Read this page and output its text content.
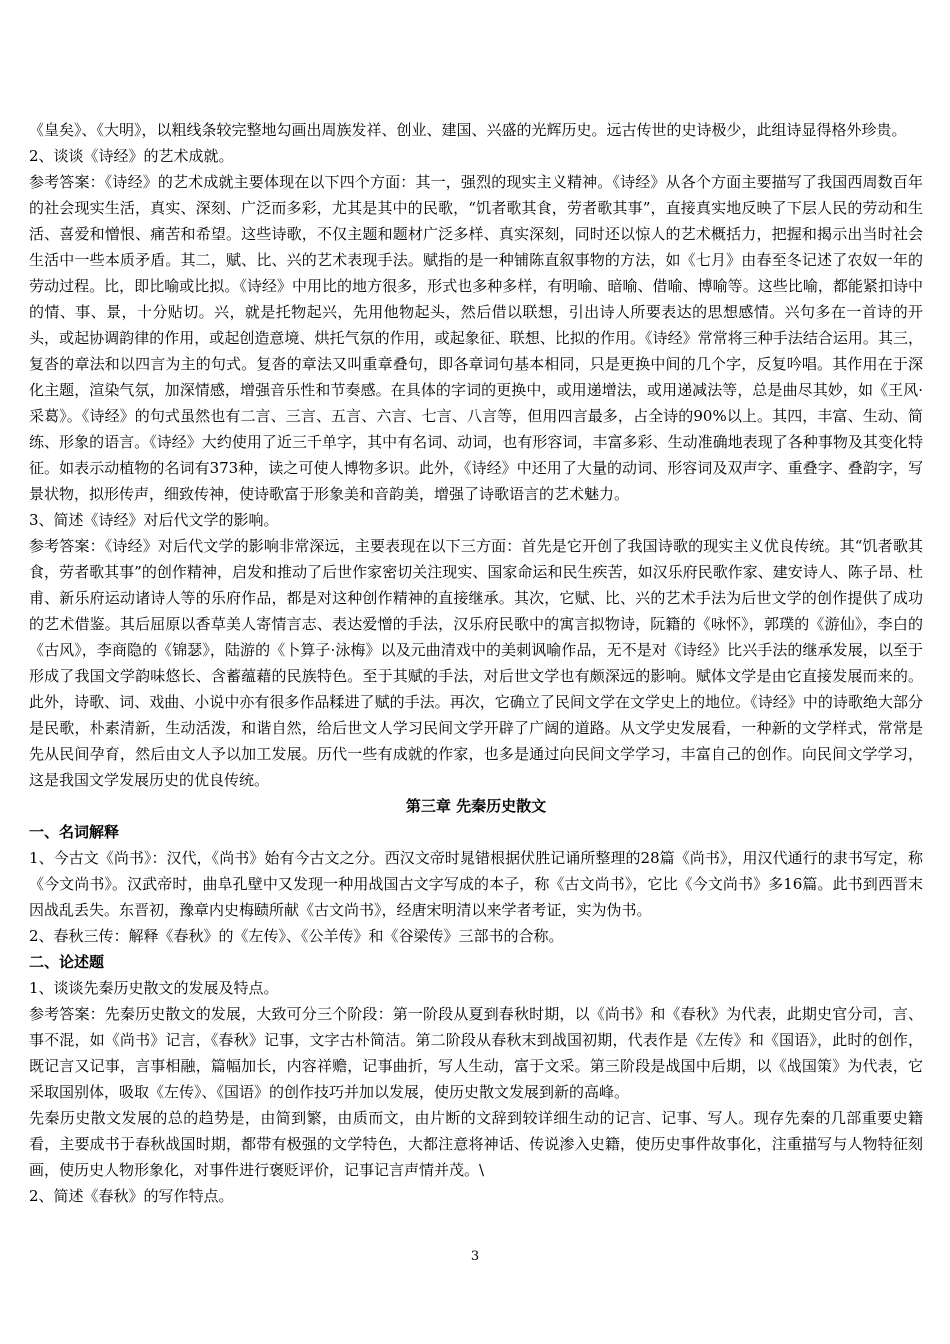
《皇矣》、《大明》，以粗线条较完整地勾画出周族发祥、创业、建国、兴盛的光辉历史。远古传世的史诗极少，此组诗显得格外珍贵。

2、谈谈《诗经》的艺术成就。

参考答案：《诗经》的艺术成就主要体现在以下四个方面：其一，强烈的现实主义精神。《诗经》从各个方面主要描写了我国西周数百年的社会现实生活，真实、深刻、广泛而多彩，尤其是其中的民歌，“饥者歌其食，劳者歌其事”，直接真实地反映了下层人民的劳动和生活、喜爱和憎恨、痛苦和希望。这些诗歌，不仅主题和题材广泛多样、真实深刻，同时还以惊人的艺术概括力，把握和揭示出当时社会生活中一些本质矛盾。其二，赋、比、兴的艺术表现手法。赋指的是一种铺陈直叙事物的方法，如《七月》由春至冬记述了农奴一年的劳动过程。比，即比喻或比拟。《诗经》中用比的地方很多，形式也多种多样，有明喻、暗喻、借喻、博喻等。这些比喻，都能紧扣诗中的情、事、景，十分贴切。兴，就是托物起兴，先用他物起头，然后借以联想，引出诗人所要表达的思想感情。兴句多在一首诗的开头，或起协调韵律的作用，或起创造意境、烘托气氛的作用，或起象征、联想、比拟的作用。《诗经》常常将三种手法结合运用。其三，复沓的章法和以四言为主的句式。复沓的章法又叫重章叠句，即各章词句基本相同，只是更换中间的几个字，反复吟唱。其作用在于深化主题，渲染气氛，加深情感，增强音乐性和节奏感。在具体的字词的更换中，或用递增法，或用递减法等，总是曲尽其妙，如《王风·采葛》。《诗经》的句式虽然也有二言、三言、五言、六言、七言、八言等，但用四言最多，占全诗的90%以上。其四，丰富、生动、简练、形象的语言。《诗经》大约使用了近三千单字，其中有名词、动词，也有形容词，丰富多彩、生动准确地表现了各种事物及其变化特征。如表示动植物的名词有373种，读之可使人博物多识。此外，《诗经》中还用了大量的动词、形容词及双声字、重叠字、叠韵字，写景状物，拟形传声，细致传神，使诗歌富于形象美和音韵美，增强了诗歌语言的艺术魅力。

3、简述《诗经》对后代文学的影响。

参考答案：《诗经》对后代文学的影响非常深远，主要表现在以下三方面：首先是它开创了我国诗歌的现实主义优良传统。其“饥者歌其食，劳者歌其事”的创作精神，启发和推动了后世作家密切关注现实、国家命运和民生疾苦，如汉乐府民歌作家、建安诗人、陈子昂、杜甫、新乐府运动诸诗人等的乐府作品，都是对这种创作精神的直接继承。其次，它赋、比、兴的艺术手法为后世文学的创作提供了成功的艺术借鉴。其后屈原以香草美人寄情言志、表达爱憎的手法，汉乐府民歌中的寓言拟物诗，阮籍的《咏怀》，郭璞的《游仙》，李白的《古风》，李商隐的《锦瑟》，陆游的《卜算子·泳梅》以及元曲清戏中的美刺讽喻作品，无不是对《诗经》比兴手法的继承发展，以至于形成了我国文学韵味悠长、含蓄蕴藉的民族特色。至于其赋的手法，对后世文学也有颇深远的影响。赋体文学是由它直接发展而来的。此外，诗歌、词、戏曲、小说中亦有很多作品糅进了赋的手法。再次，它确立了民间文学在文学史上的地位。《诗经》中的诗歌绝大部分是民歌，朴素清新，生动活泼，和谐自然，给后世文人学习民间文学开辟了广阔的道路。从文学史发展看，一种新的文学样式，常常是先从民间孕育，然后由文人予以加工发展。历代一些有成就的作家，也多是通过向民间文学学习，丰富自己的创作。向民间文学学习，这是我国文学发展历史的优良传统。

第三章 先秦历史散文

一、名词解释

1、今古文《尚书》：汉代，《尚书》始有今古文之分。西汉文帝时晁错根据伏胜记诵所整理的28篇《尚书》，用汉代通行的隶书写定，称《今文尚书》。汉武帝时，曲阜孔壁中又发现一种用战国古文字写成的本子，称《古文尚书》，它比《今文尚书》多16篇。此书到西晋末因战乱丢失。东晋初，豫章内史梅赜所献《古文尚书》，经唐宋明清以来学者考证，实为伪书。

2、春秋三传：解释《春秋》的《左传》、《公羊传》和《谷梁传》三部书的合称。

二、论述题

1、谈谈先秦历史散文的发展及特点。

参考答案：先秦历史散文的发展，大致可分三个阶段：第一阶段从夏到春秋时期，以《尚书》和《春秋》为代表，此期史官分司，言、事不混，如《尚书》记言，《春秋》记事，文字古朴简洁。第二阶段从春秋末到战国初期，代表作是《左传》和《国语》，此时的创作，既记言又记事，言事相融，篇幅加长，内容祥赡，记事曲折，写人生动，富于文采。第三阶段是战国中后期，以《战国策》为代表，它采取国别体，吸取《左传》、《国语》的创作技巧并加以发展，使历史散文发展到新的高峰。

先秦历史散文发展的总的趋势是，由简到繁，由质而文，由片断的文辞到较详细生动的记言、记事、写人。现存先秦的几部重要史籍看，主要成书于春秋战国时期，都带有极强的文学特色，大都注意将神话、传说渗入史籍，使历史事件故事化，注重描写与人物特征刻画，使历史人物形象化，对事件进行褒贬评价，记事记言声情并茂。\

2、简述《春秋》的写作特点。

3
